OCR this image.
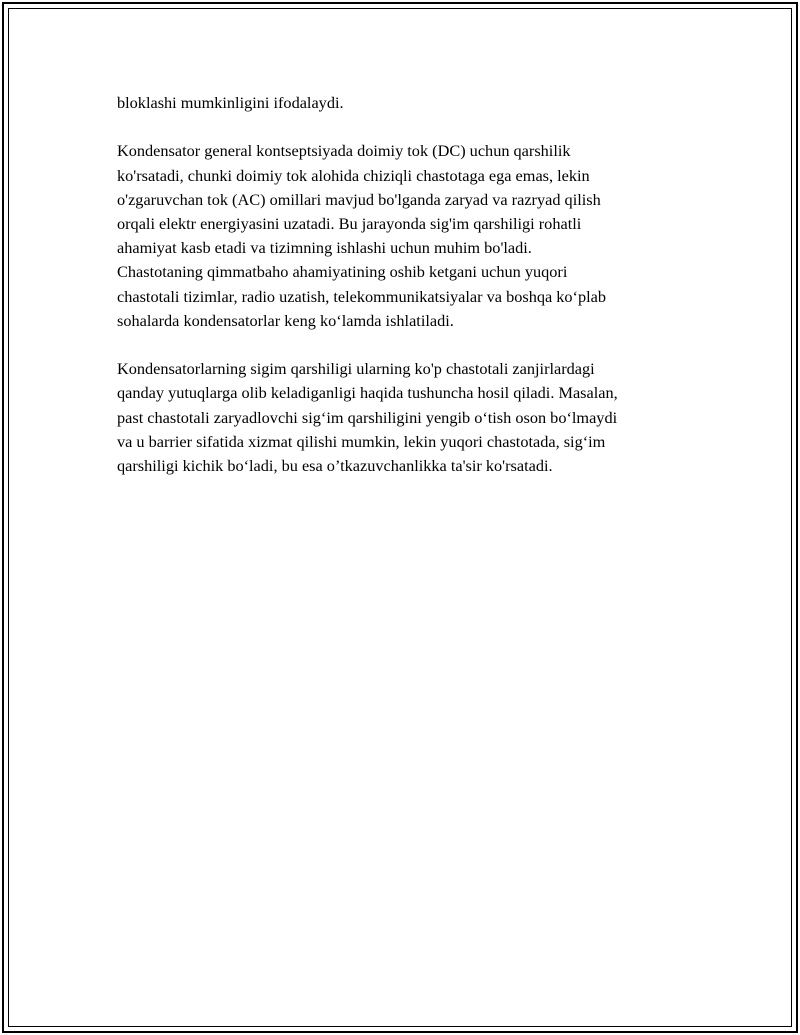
bloklashi mumkinligini ifodalaydi.

Kondensator general kontseptsiyada doimiy tok (DC) uchun qarshilik
ko'rsatadi, chunki doimiy tok alohida chiziqli chastotaga ega emas, lekin
o'zgaruvchan tok (AC) omillari mavjud bo'lganda zaryad va razryad qilish
orqali elektr energiyasini uzatadi. Bu jarayonda sig'im qarshiligi rohatli
ahamiyat kasb etadi va tizimning ishlashi uchun muhim bo'ladi.
Chastotaning qimmatbaho ahamiyatining oshib ketgani uchun yuqori
chastotali tizimlar, radio uzatish, telekommunikatsiyalar va boshqa ko‘plab
sohalarda kondensatorlar keng ko‘lamda ishlatiladi.

Kondensatorlarning sigim qarshiligi ularning ko'p chastotali zanjirlardagi
qanday yutuqlarga olib keladiganligi haqida tushuncha hosil qiladi. Masalan,
past chastotali zaryadlovchi sig‘im qarshiligini yengib o‘tish oson bo‘lmaydi
va u barrier sifatida xizmat qilishi mumkin, lekin yuqori chastotada, sig‘im
qarshiligi kichik bo‘ladi, bu esa o’tkazuvchanlikka ta'sir ko'rsatadi.
